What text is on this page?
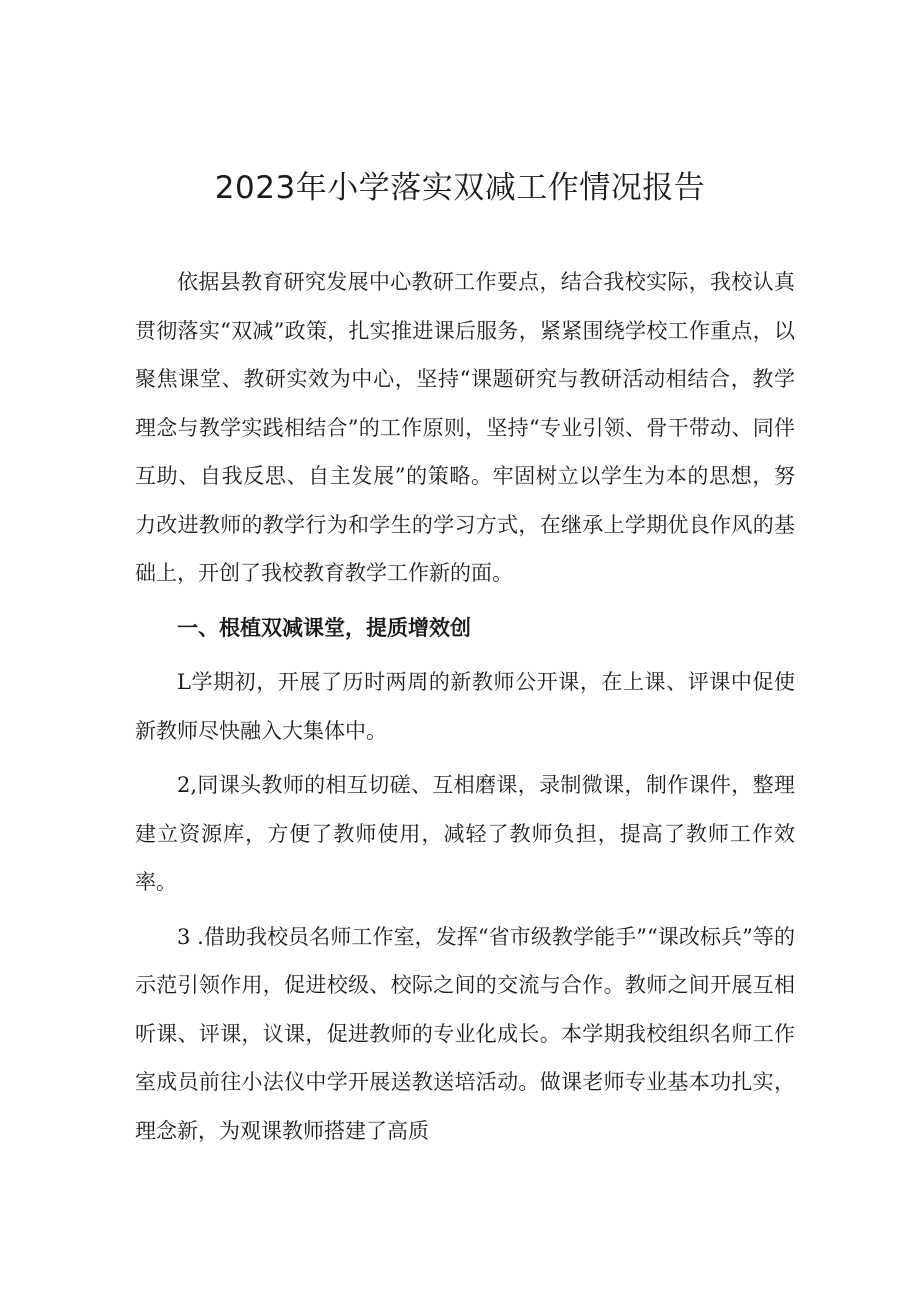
2023年小学落实双减工作情况报告

依据县教育研究发展中心教研工作要点，结合我校实际，我校认真贯彻落实“双减”政策，扎实推进课后服务，紧紧围绕学校工作重点，以聚焦课堂、教研实效为中心，坚持“课题研究与教研活动相结合，教学理念与教学实践相结合”的工作原则，坚持“专业引领、骨干带动、同伴互助、自我反思、自主发展”的策略。牢固树立以学生为本的思想，努力改进教师的教学行为和学生的学习方式，在继承上学期优良作风的基础上，开创了我校教育教学工作新的面。

一、根植双减课堂，提质增效创

L学期初，开展了历时两周的新教师公开课，在上课、评课中促使新教师尽快融入大集体中。

2,同课头教师的相互切磋、互相磨课，录制微课，制作课件，整理建立资源库，方便了教师使用，减轻了教师负担，提高了教师工作效率。

3 .借助我校员名师工作室，发挥“省市级教学能手”“课改标兵”等的示范引领作用，促进校级、校际之间的交流与合作。教师之间开展互相听课、评课，议课，促进教师的专业化成长。本学期我校组织名师工作室成员前往小法仪中学开展送教送培活动。做课老师专业基本功扎实，理念新，为观课教师搭建了高质
